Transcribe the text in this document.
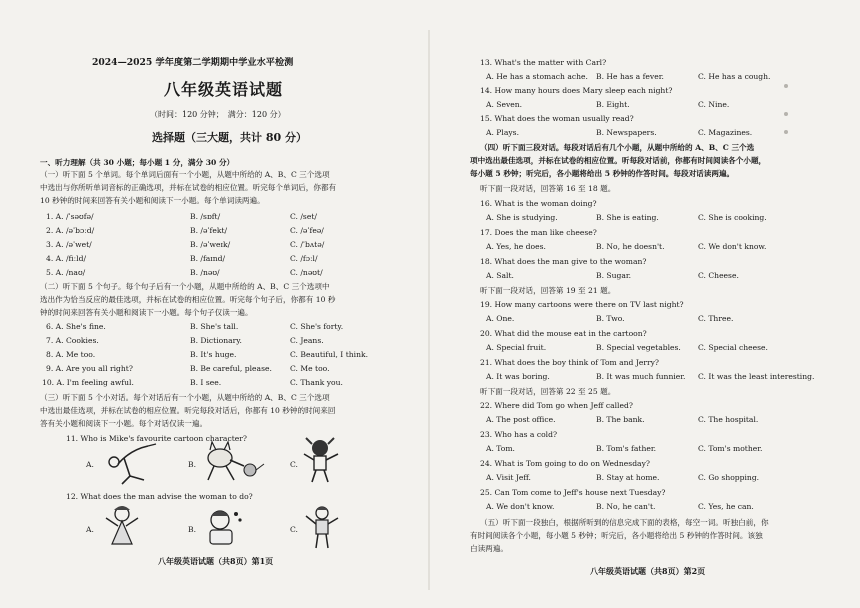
2024—2025 学年度第二学期期中学业水平检测
八年级英语试题
（时间：120 分钟；　满分：120 分）
选择题（三大题，共计 80 分）
一、听力理解（共 30 小题；每小题 1 分，满分 30 分）
（一）听下面 5 个单词。每个单词后面有一个小题，从题中所给的 A、B、C 三个选项
中选出与你所听单词音标的正确选项，并标在试卷的相应位置。听完每个单词后，你都有
10 秒钟的时间来回答有关小题和阅读下一小题。每个单词读两遍。
1. A. /ˈsəʊfə/	B. /sɒft/	C. /set/
2. A. /əˈbɔːd/	B. /əˈfekt/	C. /əˈfeə/
3. A. /əˈwet/	B. /əˈweɪk/	C. /ˈbʌtə/
4. A. /fiːld/	B. /faɪnd/	C. /fɔːl/
5. A. /naʊ/	B. /nəʊ/	C. /nəʊt/
（二）听下面 5 个句子。每个句子后有一个小题，从题中所给的 A、B、C 三个选项中
选出作为恰当反应的最佳选项，并标在试卷的相应位置。听完每个句子后，你都有 10 秒
钟的时间来回答有关小题和阅读下一小题。每个句子仅读一遍。
6. A. She's fine.	B. She's tall.	C. She's forty.
7. A. Cookies.	B. Dictionary.	C. Jeans.
8. A. Me too.	B. It's huge.	C. Beautiful, I think.
9. A. Are you all right?	B. Be careful, please. C. Me too.
10. A. I'm feeling awful.	B. I see.	C. Thank you.
（三）听下面 5 个小对话。每个对话后有一个小题，从题中所给的 A、B、C 三个选项
中选出最佳选项，并标在试卷的相应位置。听完每段对话后，你都有 10 秒钟的时间来回
答有关小题和阅读下一小题。每个对话仅读一遍。
11. Who is Mike's favourite cartoon character?
A.	B.	C.
12. What does the man advise the woman to do?
A.	B.	C.
八年级英语试题（共8页）第1页
13. What's the matter with Carl?
A. He has a stomach ache. B. He has a fever.	C. He has a cough.
14. How many hours does Mary sleep each night?
A. Seven.	B. Eight.	C. Nine.
15. What does the woman usually read?
A. Plays.	B. Newspapers.	C. Magazines.
（四）听下面三段对话。每段对话后有几个小题，从题中所给的 A、B、C 三个选
项中选出最佳选项，并标在试卷的相应位置。听每段对话前，你都有时间阅读各个小题，
每小题 5 秒钟；听完后，各小题将给出 5 秒钟的作答时间。每段对话读两遍。
听下面一段对话，回答第 16 至 18 题。
16. What is the woman doing?
A. She is studying.	B. She is eating.	C. She is cooking.
17. Does the man like cheese?
A. Yes, he does.	B. No, he doesn't.	C. We don't know.
18. What does the man give to the woman?
A. Salt.	B. Sugar.	C. Cheese.
听下面一段对话，回答第 19 至 21 题。
19. How many cartoons were there on TV last night?
A. One.	B. Two.	C. Three.
20. What did the mouse eat in the cartoon?
A. Special fruit.	B. Special vegetables. C. Special cheese.
21. What does the boy think of Tom and Jerry?
A. It was boring.	B. It was much funnier. C. It was the least interesting.
听下面一段对话，回答第 22 至 25 题。
22. Where did Tom go when Jeff called?
A. The post office.	B. The bank.	C. The hospital.
23. Who has a cold?
A. Tom.	B. Tom's father.	C. Tom's mother.
24. What is Tom going to do on Wednesday?
A. Visit Jeff.	B. Stay at home.	C. Go shopping.
25. Can Tom come to Jeff's house next Tuesday?
A. We don't know.	B. No, he can't.	C. Yes, he can.
（五）听下面一段独白，根据所听到的信息完成下面的表格，每空一词。听独白前，你
有时间阅读各个小题，每小题 5 秒钟；听完后，各小题将给出 5 秒钟的作答时间。该独
白读两遍。
八年级英语试题（共8页）第2页
